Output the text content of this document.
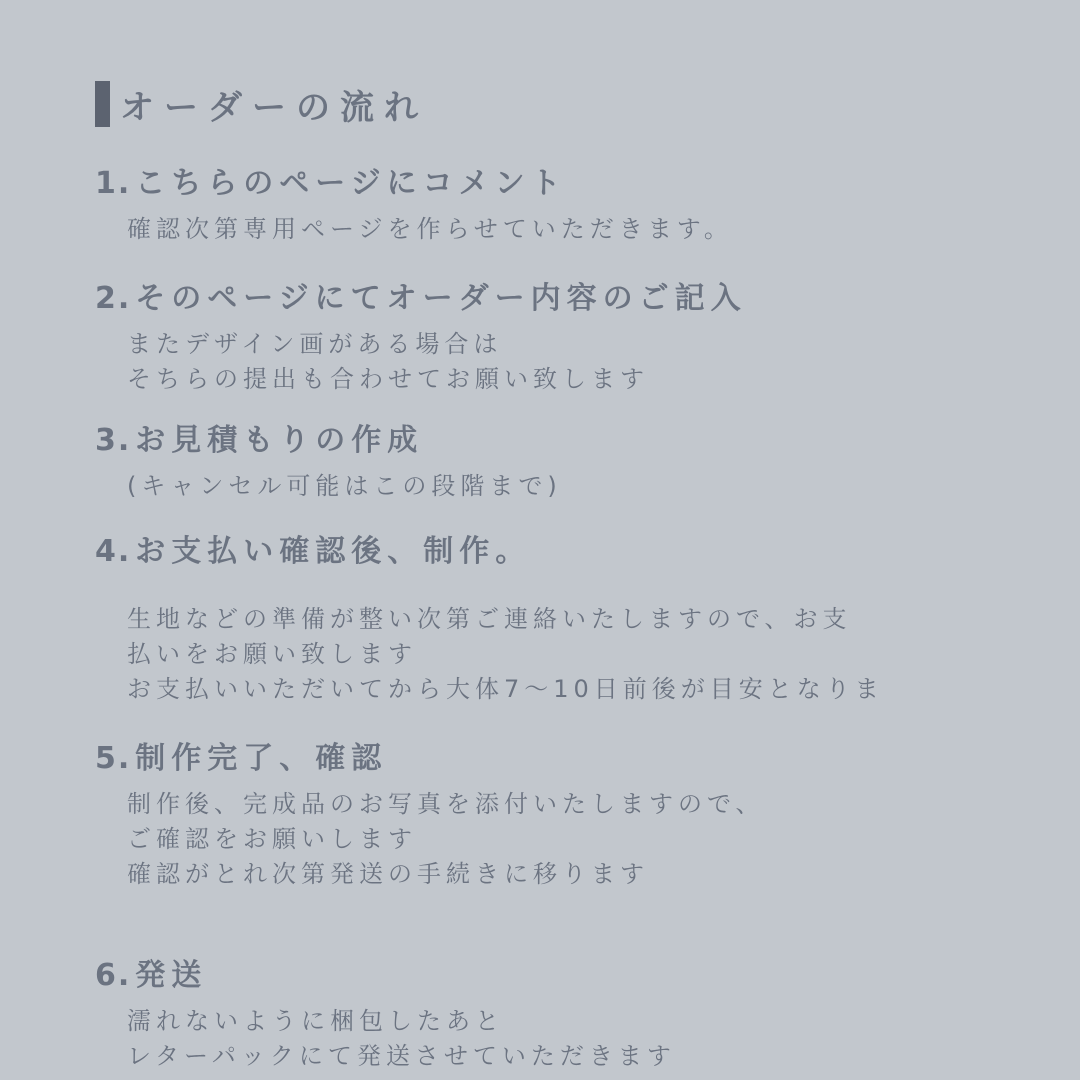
オーダーの流れ
1. こちらのページにコメント
確認次第専用ページを作らせていただきます。
2. そのページにてオーダー内容のご記入
またデザイン画がある場合は
そちらの提出も合わせてお願い致します
3. お見積もりの作成
(キャンセル可能はこの段階まで)
4. お支払い確認後、制作。
生地などの準備が整い次第ご連絡いたしますので、お支
払いをお願い致します
お支払いいただいてから大体7〜10日前後が目安となりま
5. 制作完了、確認
制作後、完成品のお写真を添付いたしますので、
ご確認をお願いします
確認がとれ次第発送の手続きに移ります
6. 発送
濡れないように梱包したあと
レターパックにて発送させていただきます
